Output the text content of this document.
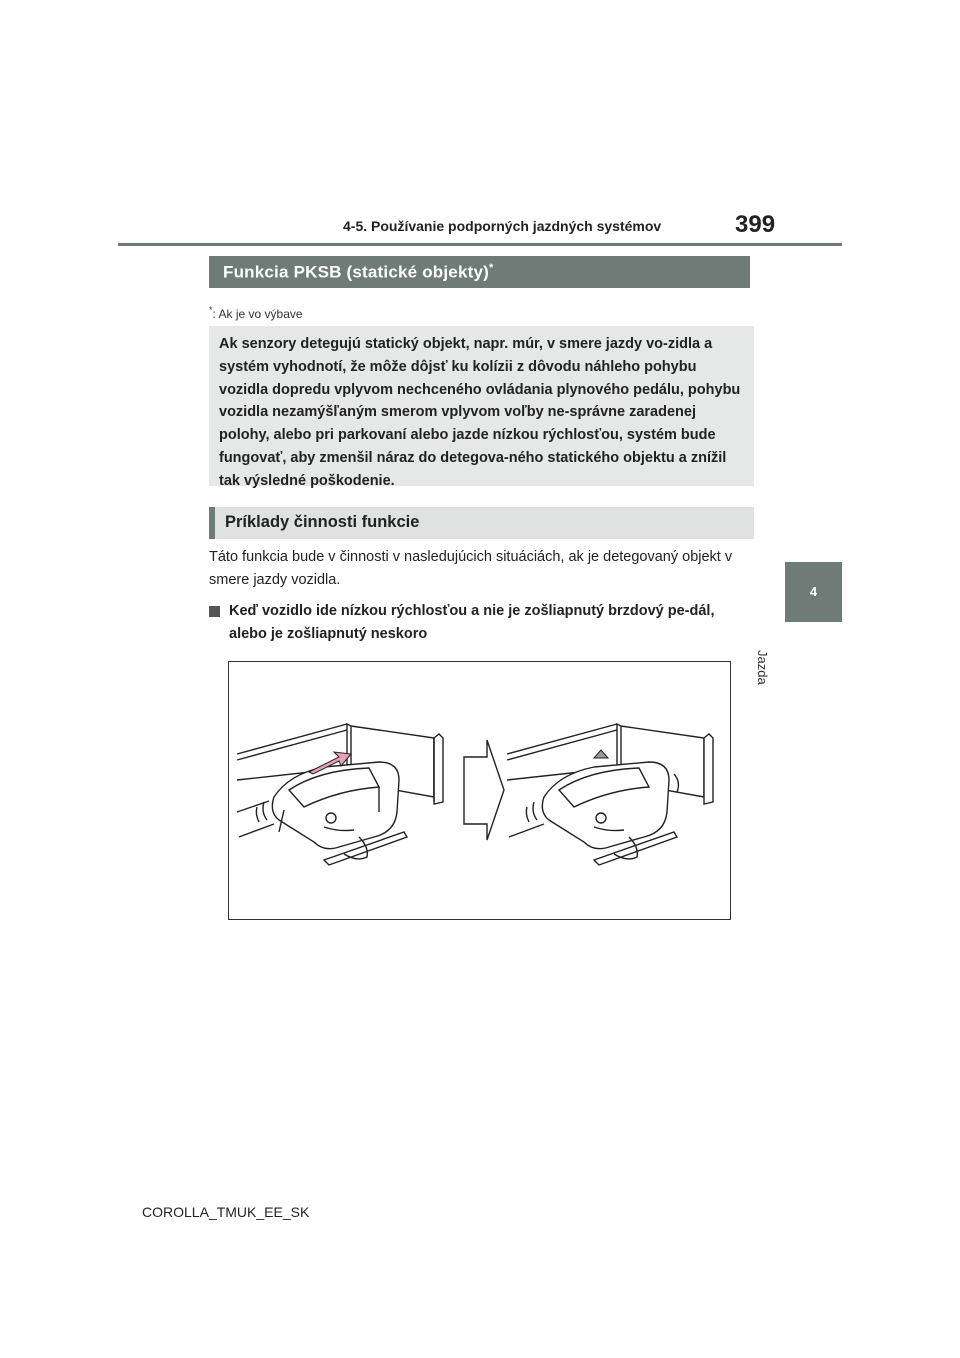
4-5. Používanie podporných jazdných systémov	399
4
Jazda
Funkcia PKSB (statické objekty)*
*: Ak je vo výbave
Ak senzory detegujú statický objekt, napr. múr, v smere jazdy vo-zidla a systém vyhodnotí, že môže dôjsť ku kolízii z dôvodu náhleho pohybu vozidla dopredu vplyvom nechceného ovládania plynového pedálu, pohybu vozidla nezamýšľaným smerom vplyvom voľby ne-správne zaradenej polohy, alebo pri parkovaní alebo jazde nízkou rýchlosťou, systém bude fungovať, aby zmenšil náraz do detegova-ného statického objektu a znížil tak výsledné poškodenie.
Príklady činnosti funkcie
Táto funkcia bude v činnosti v nasledujúcich situáciách, ak je detegovaný objekt v smere jazdy vozidla.
Keď vozidlo ide nízkou rýchlosťou a nie je zošliapnutý brzdový pe-dál, alebo je zošliapnutý neskoro
COROLLA_TMUK_EE_SK
